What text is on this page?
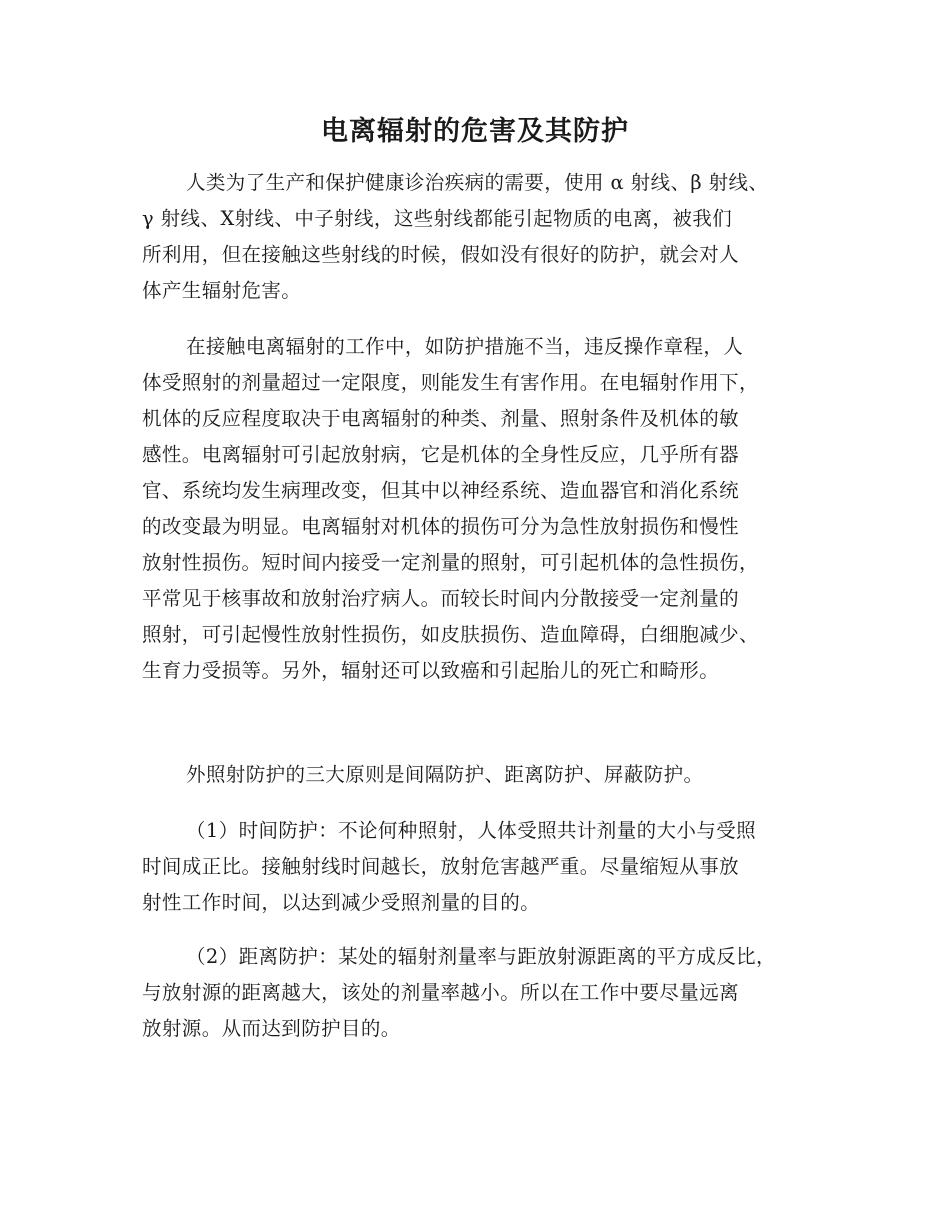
电离辐射的危害及其防护
人类为了生产和保护健康诊治疾病的需要，使用 α 射线、β 射线、
γ 射线、X射线、中子射线，这些射线都能引起物质的电离，被我们
所利用，但在接触这些射线的时候，假如没有很好的防护，就会对人
体产生辐射危害。
在接触电离辐射的工作中，如防护措施不当，违反操作章程，人
体受照射的剂量超过一定限度，则能发生有害作用。在电辐射作用下，
机体的反应程度取决于电离辐射的种类、剂量、照射条件及机体的敏
感性。电离辐射可引起放射病，它是机体的全身性反应，几乎所有器
官、系统均发生病理改变，但其中以神经系统、造血器官和消化系统
的改变最为明显。电离辐射对机体的损伤可分为急性放射损伤和慢性
放射性损伤。短时间内接受一定剂量的照射，可引起机体的急性损伤，
平常见于核事故和放射治疗病人。而较长时间内分散接受一定剂量的
照射，可引起慢性放射性损伤，如皮肤损伤、造血障碍，白细胞减少、
生育力受损等。另外，辐射还可以致癌和引起胎儿的死亡和畸形。
外照射防护的三大原则是间隔防护、距离防护、屏蔽防护。
（1）时间防护：不论何种照射，人体受照共计剂量的大小与受照
时间成正比。接触射线时间越长，放射危害越严重。尽量缩短从事放
射性工作时间，以达到减少受照剂量的目的。
（2）距离防护：某处的辐射剂量率与距放射源距离的平方成反比，
与放射源的距离越大，该处的剂量率越小。所以在工作中要尽量远离
放射源。从而达到防护目的。
